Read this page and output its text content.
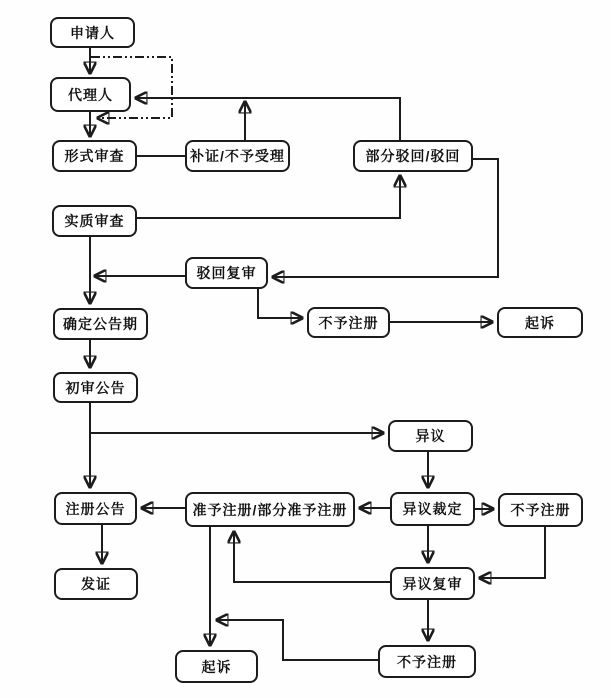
申请人
代理人
形式审查	补证/不予受理	部分驳回/驳回
实质审查
驳回复审
确定公告期	不予注册	起诉
初审公告
异议
注册公告	准予注册/部分准予注册	异议裁定	不予注册
发证	异议复审
起诉	不予注册
